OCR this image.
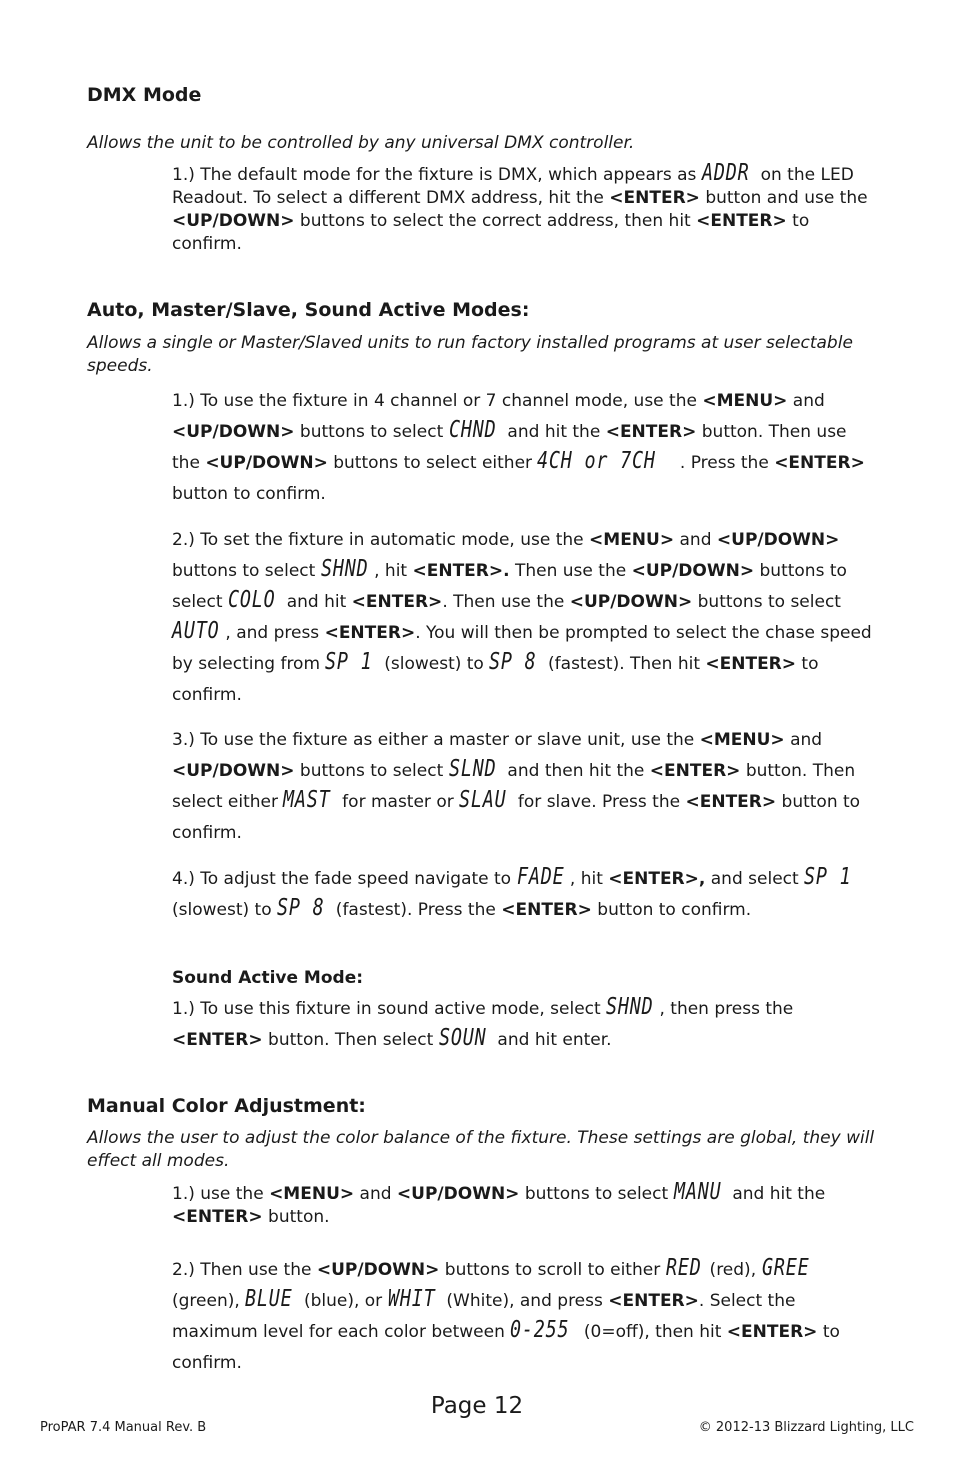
DMX Mode

Allows the unit to be controlled by any universal DMX controller.

1.) The default mode for the fixture is DMX, which appears as ADDR on the LED Readout. To select a different DMX address, hit the <ENTER> button and use the <UP/DOWN> buttons to select the correct address, then hit <ENTER> to confirm.

Auto, Master/Slave, Sound Active Modes:

Allows a single or Master/Slaved units to run factory installed programs at user selectable speeds.

1.) To use the fixture in 4 channel or 7 channel mode, use the <MENU> and <UP/DOWN> buttons to select CHND and hit the <ENTER> button. Then use the <UP/DOWN> buttons to select either 4CH or 7CH . Press the <ENTER> button to confirm.

2.) To set the fixture in automatic mode, use the <MENU> and <UP/DOWN> buttons to select SHND , hit <ENTER>. Then use the <UP/DOWN> buttons to select COLO and hit <ENTER>. Then use the <UP/DOWN> buttons to select AUTO , and press <ENTER>. You will then be prompted to select the chase speed by selecting from SP 1 (slowest) to SP 8 (fastest). Then hit <ENTER> to confirm.

3.) To use the fixture as either a master or slave unit, use the <MENU> and <UP/DOWN> buttons to select SLND and then hit the <ENTER> button. Then select either MAST for master or SLAU for slave. Press the <ENTER> button to confirm.

4.) To adjust the fade speed navigate to FADE , hit <ENTER>, and select SP 1 (slowest) to SP 8 (fastest). Press the <ENTER> button to confirm.

Sound Active Mode:

1.) To use this fixture in sound active mode, select SHND , then press the <ENTER> button. Then select SOUN and hit enter.

Manual Color Adjustment:

Allows the user to adjust the color balance of the fixture. These settings are global, they will effect all modes.

1.) use the <MENU> and <UP/DOWN> buttons to select MANU and hit the <ENTER> button.

2.) Then use the <UP/DOWN> buttons to scroll to either RED (red), GREE (green), BLUE (blue), or WHIT (White), and press <ENTER>. Select the maximum level for each color between 0-255 (0=off), then hit <ENTER> to confirm.

Page 12
ProPAR 7.4 Manual Rev. B	© 2012-13 Blizzard Lighting, LLC
